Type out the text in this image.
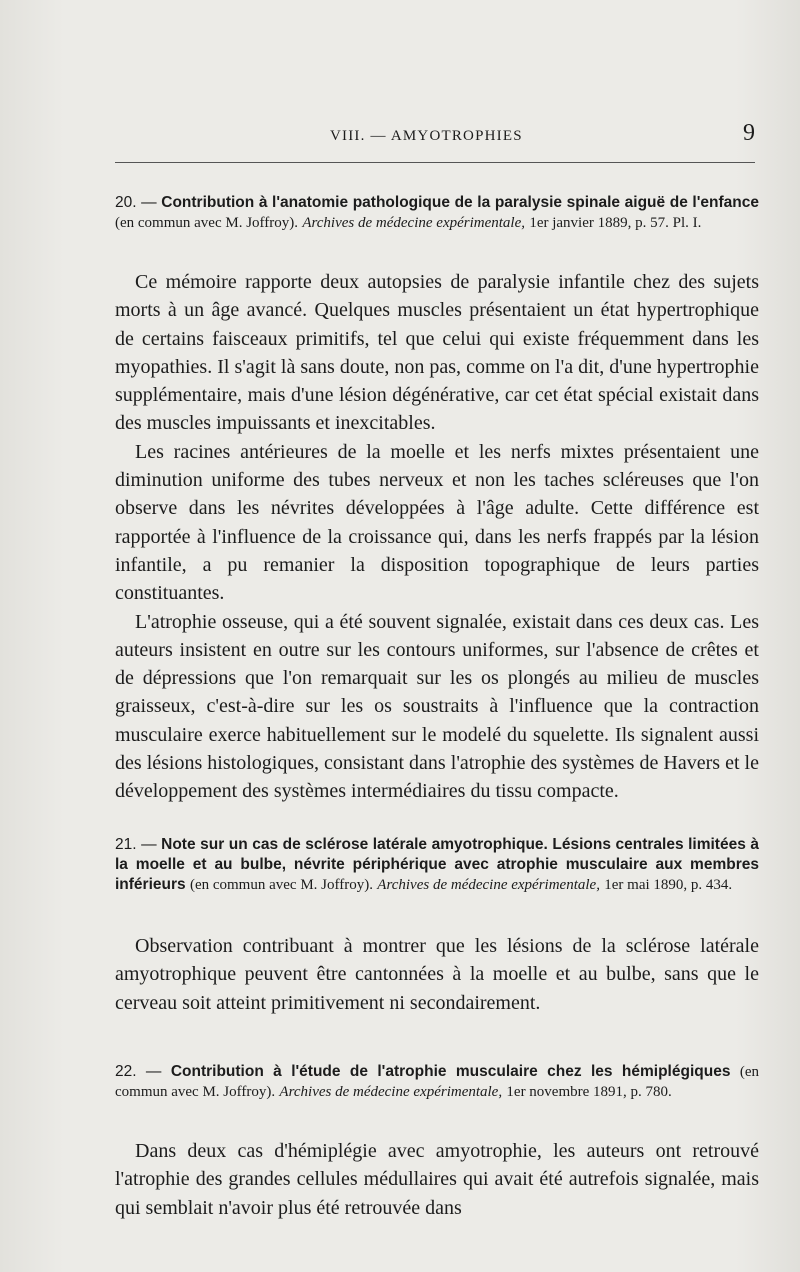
VIII. — AMYOTROPHIES	9
20. — Contribution à l'anatomie pathologique de la paralysie spinale aiguë de l'enfance (en commun avec M. Joffroy). Archives de médecine expérimentale, 1er janvier 1889, p. 57. Pl. I.

Ce mémoire rapporte deux autopsies de paralysie infantile chez des sujets morts à un âge avancé. Quelques muscles présentaient un état hypertrophique de certains faisceaux primitifs, tel que celui qui existe fréquemment dans les myopathies. Il s'agit là sans doute, non pas, comme on l'a dit, d'une hypertrophie supplémentaire, mais d'une lésion dégénérative, car cet état spécial existait dans des muscles impuissants et inexcitables.

Les racines antérieures de la moelle et les nerfs mixtes présentaient une diminution uniforme des tubes nerveux et non les taches scléreuses que l'on observe dans les névrites développées à l'âge adulte. Cette différence est rapportée à l'influence de la croissance qui, dans les nerfs frappés par la lésion infantile, a pu remanier la disposition topographique de leurs parties constituantes.

L'atrophie osseuse, qui a été souvent signalée, existait dans ces deux cas. Les auteurs insistent en outre sur les contours uniformes, sur l'absence de crêtes et de dépressions que l'on remarquait sur les os plongés au milieu de muscles graisseux, c'est-à-dire sur les os soustraits à l'influence que la contraction musculaire exerce habituellement sur le modelé du squelette. Ils signalent aussi des lésions histologiques, consistant dans l'atrophie des systèmes de Havers et le développement des systèmes intermédiaires du tissu compacte.

21. — Note sur un cas de sclérose latérale amyotrophique. Lésions centrales limitées à la moelle et au bulbe, névrite périphérique avec atrophie musculaire aux membres inférieurs (en commun avec M. Joffroy). Archives de médecine expérimentale, 1er mai 1890, p. 434.

Observation contribuant à montrer que les lésions de la sclérose latérale amyotrophique peuvent être cantonnées à la moelle et au bulbe, sans que le cerveau soit atteint primitivement ni secondairement.

22. — Contribution à l'étude de l'atrophie musculaire chez les hémiplégiques (en commun avec M. Joffroy). Archives de médecine expérimentale, 1er novembre 1891, p. 780.

Dans deux cas d'hémiplégie avec amyotrophie, les auteurs ont retrouvé l'atrophie des grandes cellules médullaires qui avait été autrefois signalée, mais qui semblait n'avoir plus été retrouvée dans
